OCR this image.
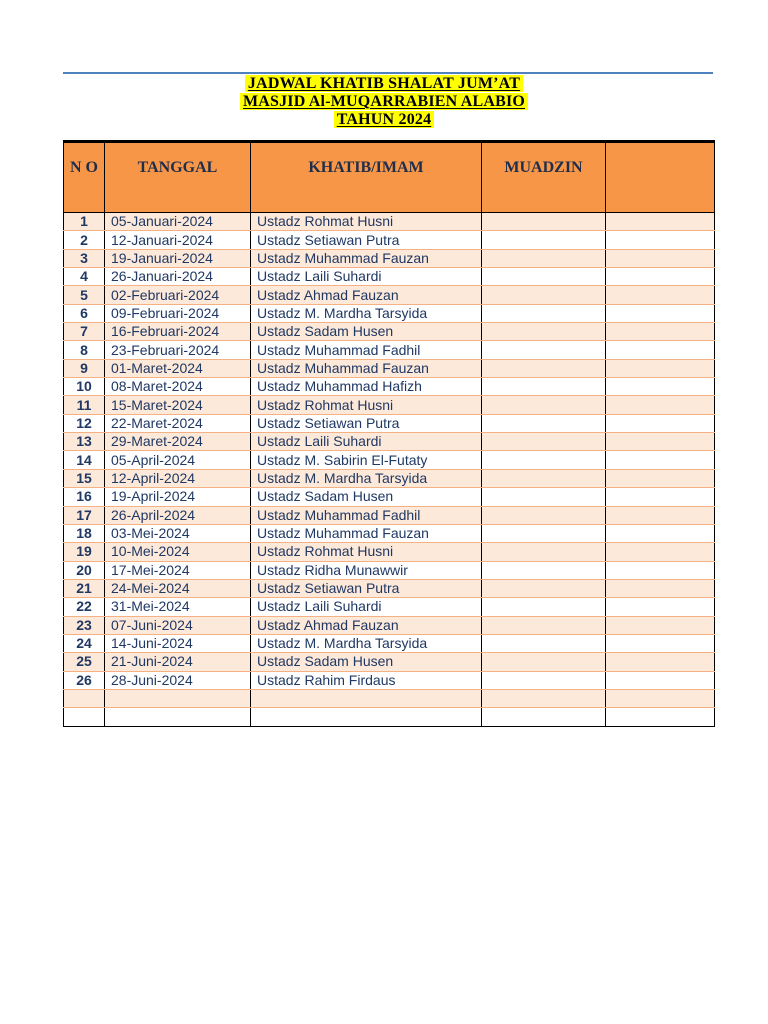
JADWAL KHATIB SHALAT JUM’AT
MASJID Al-MUQARRABIEN ALABIO
TAHUN 2024
N O	TANGGAL	KHATIB/IMAM	MUADZIN	
1	05-Januari-2024	Ustadz Rohmat Husni		
2	12-Januari-2024	Ustadz Setiawan Putra		
3	19-Januari-2024	Ustadz Muhammad Fauzan		
4	26-Januari-2024	Ustadz Laili Suhardi		
5	02-Februari-2024	Ustadz Ahmad Fauzan		
6	09-Februari-2024	Ustadz M. Mardha Tarsyida		
7	16-Februari-2024	Ustadz Sadam Husen		
8	23-Februari-2024	Ustadz Muhammad Fadhil		
9	01-Maret-2024	Ustadz Muhammad Fauzan		
10	08-Maret-2024	Ustadz Muhammad Hafizh		
11	15-Maret-2024	Ustadz Rohmat Husni		
12	22-Maret-2024	Ustadz Setiawan Putra		
13	29-Maret-2024	Ustadz Laili Suhardi		
14	05-April-2024	Ustadz M. Sabirin El-Futaty		
15	12-April-2024	Ustadz M. Mardha Tarsyida		
16	19-April-2024	Ustadz Sadam Husen		
17	26-April-2024	Ustadz Muhammad Fadhil		
18	03-Mei-2024	Ustadz Muhammad Fauzan		
19	10-Mei-2024	Ustadz Rohmat Husni		
20	17-Mei-2024	Ustadz Ridha Munawwir		
21	24-Mei-2024	Ustadz Setiawan Putra		
22	31-Mei-2024	Ustadz Laili Suhardi		
23	07-Juni-2024	Ustadz Ahmad Fauzan		
24	14-Juni-2024	Ustadz M. Mardha Tarsyida		
25	21-Juni-2024	Ustadz Sadam Husen		
26	28-Juni-2024	Ustadz Rahim Firdaus		
